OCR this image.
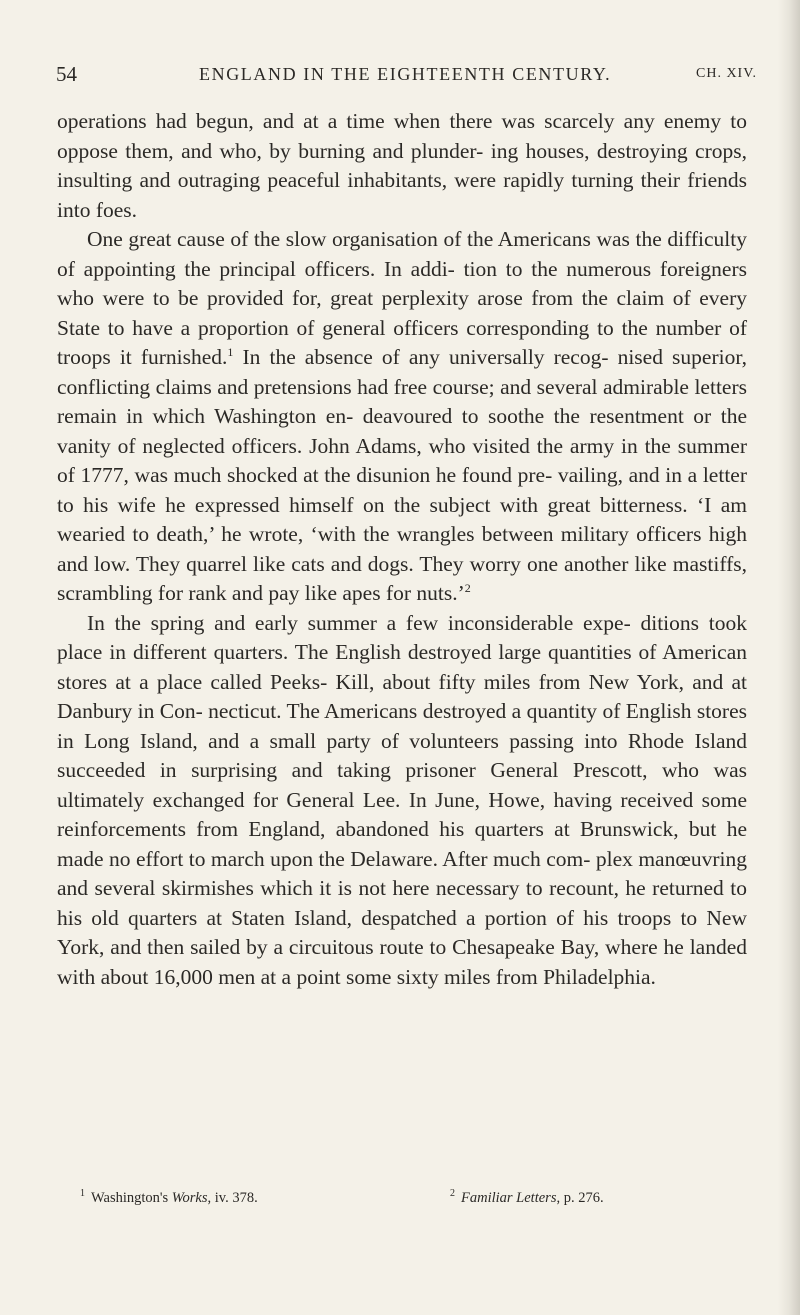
54	ENGLAND IN THE EIGHTEENTH CENTURY.	CH. XIV.

operations had begun, and at a time when there was scarcely any enemy to oppose them, and who, by burning and plunder- ing houses, destroying crops, insulting and outraging peaceful inhabitants, were rapidly turning their friends into foes.

One great cause of the slow organisation of the Americans was the difficulty of appointing the principal officers. In addi- tion to the numerous foreigners who were to be provided for, great perplexity arose from the claim of every State to have a proportion of general officers corresponding to the number of troops it furnished.$^1$ In the absence of any universally recog- nised superior, conflicting claims and pretensions had free course; and several admirable letters remain in which Washington en- deavoured to soothe the resentment or the vanity of neglected officers. John Adams, who visited the army in the summer of 1777, was much shocked at the disunion he found pre- vailing, and in a letter to his wife he expressed himself on the subject with great bitterness. ‘I am wearied to death,’ he wrote, ‘with the wrangles between military officers high and low. They quarrel like cats and dogs. They worry one another like mastiffs, scrambling for rank and pay like apes for nuts.’$^2$

In the spring and early summer a few inconsiderable expe- ditions took place in different quarters. The English destroyed large quantities of American stores at a place called Peeks- Kill, about fifty miles from New York, and at Danbury in Con- necticut. The Americans destroyed a quantity of English stores in Long Island, and a small party of volunteers passing into Rhode Island succeeded in surprising and taking prisoner General Prescott, who was ultimately exchanged for General Lee. In June, Howe, having received some reinforcements from England, abandoned his quarters at Brunswick, but he made no effort to march upon the Delaware. After much com- plex manœuvring and several skirmishes which it is not here necessary to recount, he returned to his old quarters at Staten Island, despatched a portion of his troops to New York, and then sailed by a circuitous route to Chesapeake Bay, where he landed with about 16,000 men at a point some sixty miles from Philadelphia.

$^1$ Washington's Works, iv. 378.	$^2$ Familiar Letters, p. 276.
